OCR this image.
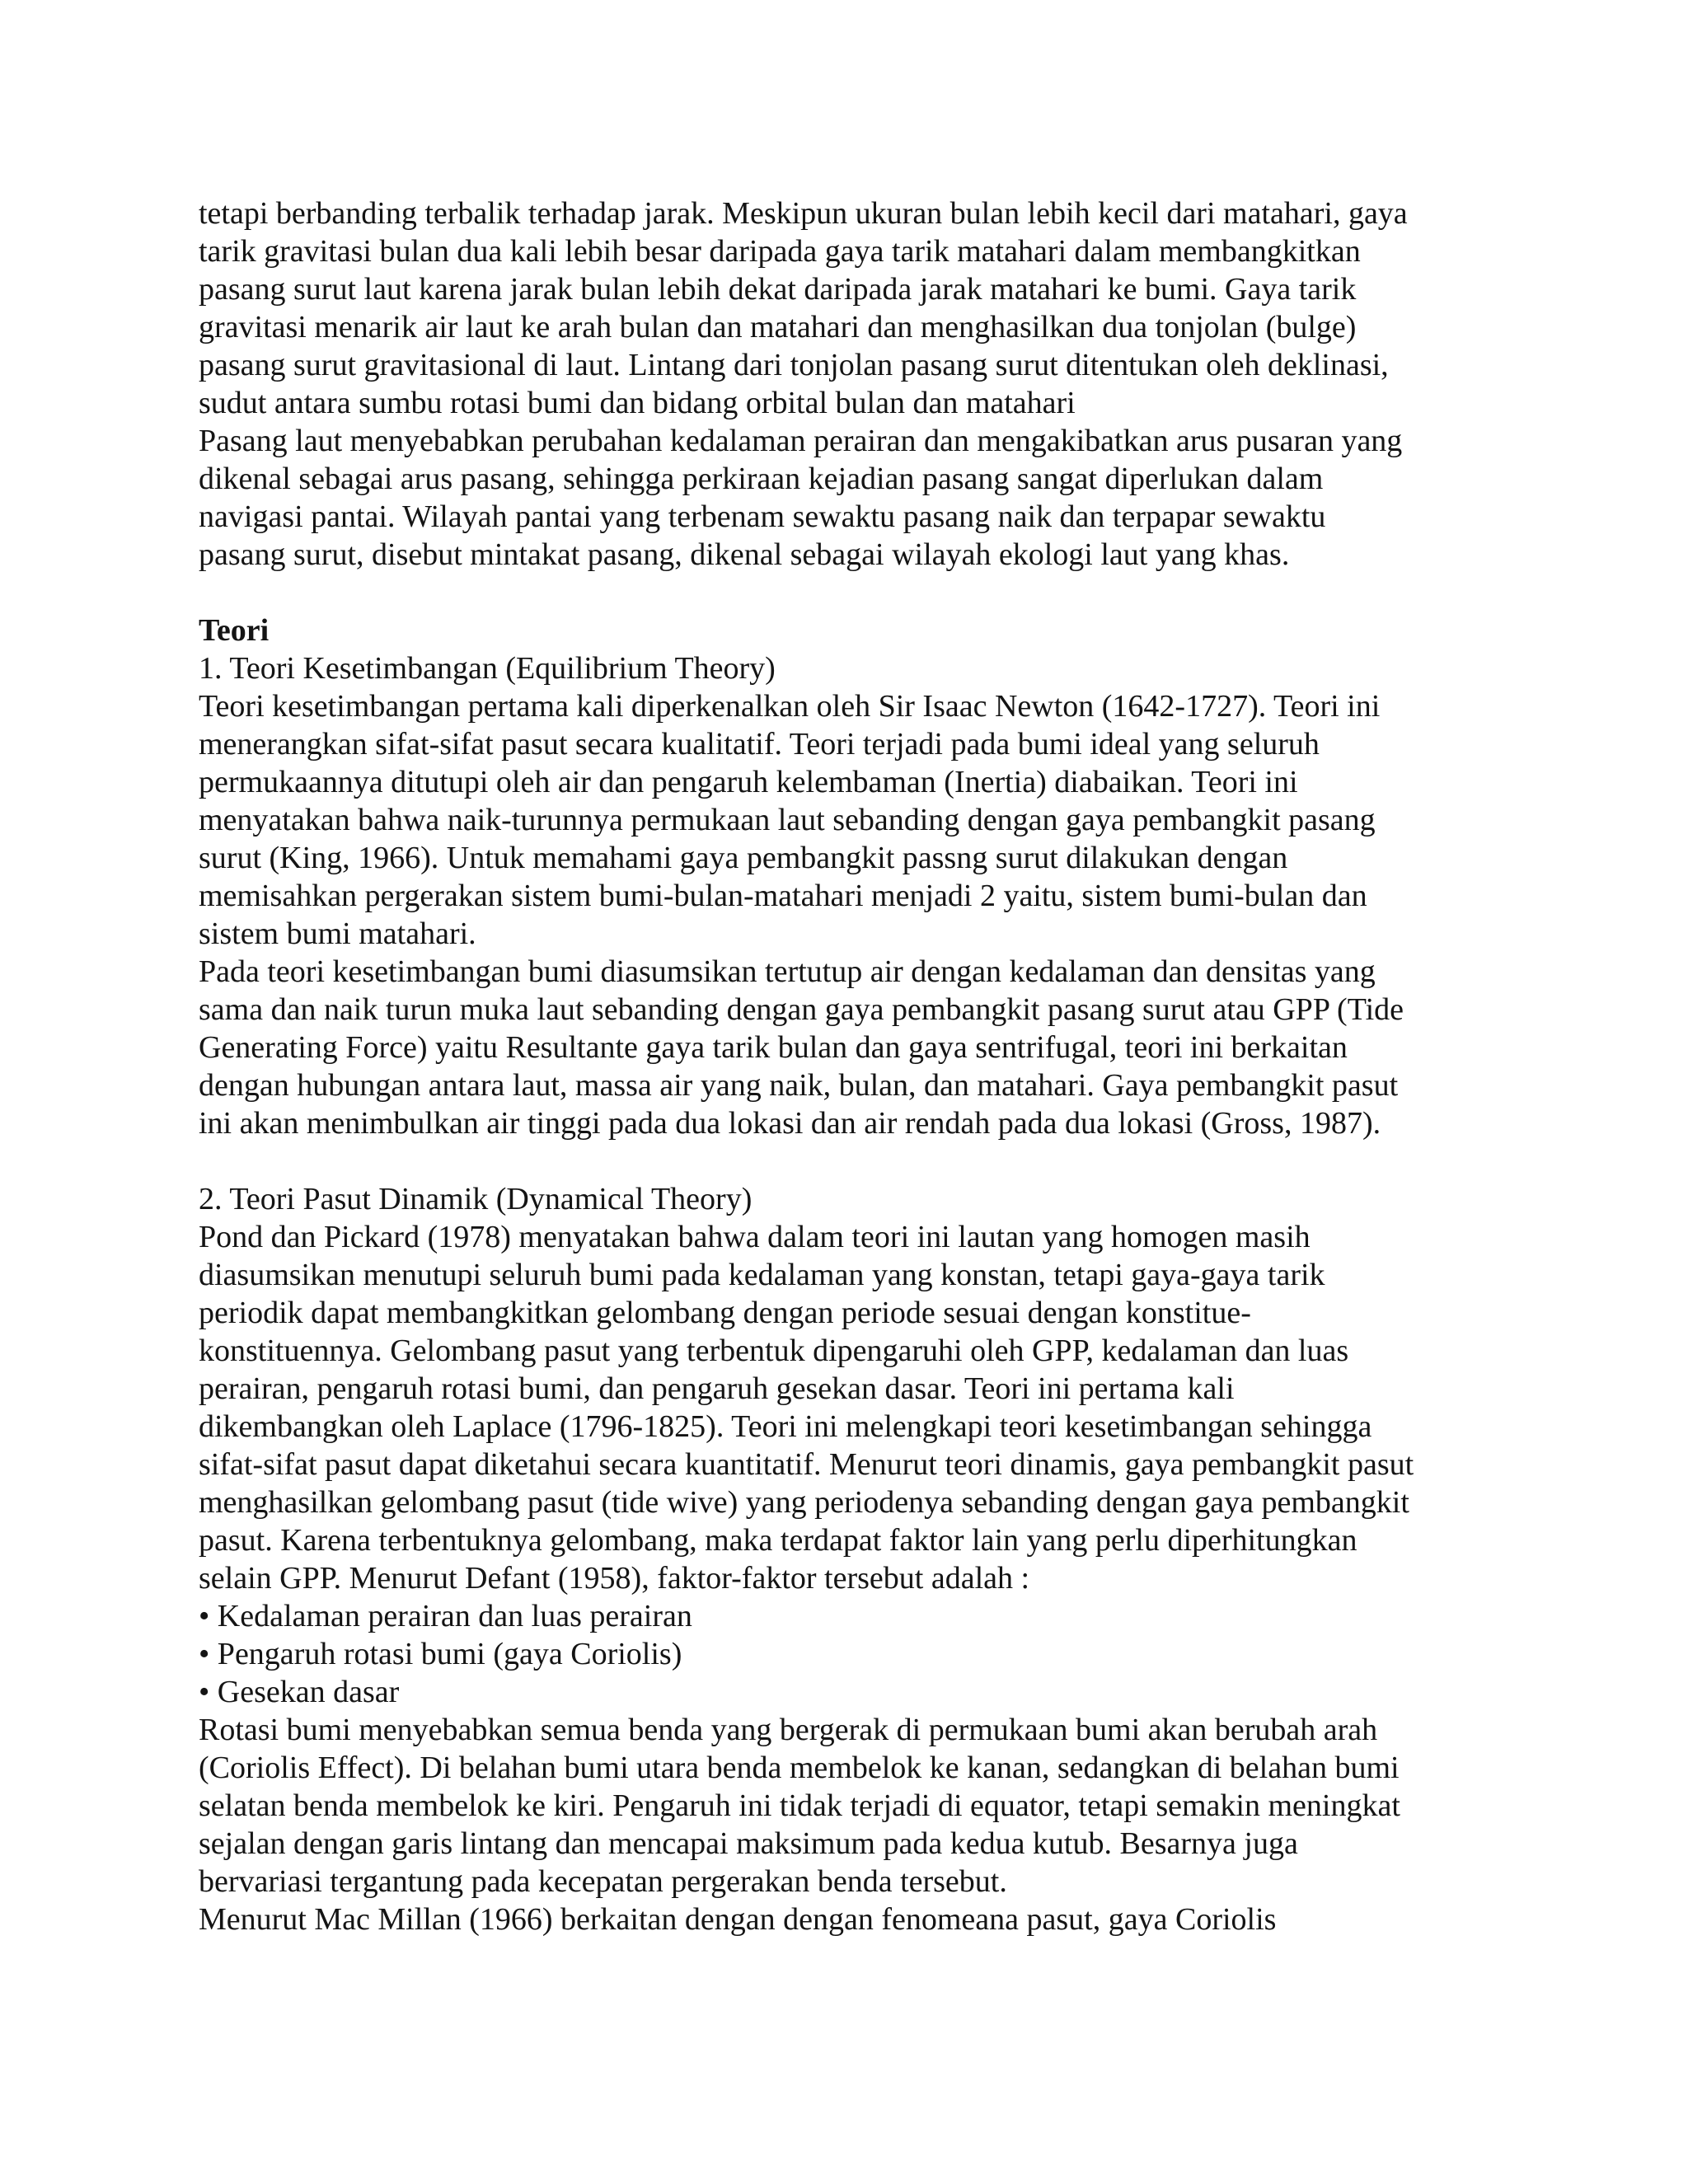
tetapi berbanding terbalik terhadap jarak. Meskipun ukuran bulan lebih kecil dari matahari, gaya
tarik gravitasi bulan dua kali lebih besar daripada gaya tarik matahari dalam membangkitkan
pasang surut laut karena jarak bulan lebih dekat daripada jarak matahari ke bumi. Gaya tarik
gravitasi menarik air laut ke arah bulan dan matahari dan menghasilkan dua tonjolan (bulge)
pasang surut gravitasional di laut. Lintang dari tonjolan pasang surut ditentukan oleh deklinasi,
sudut antara sumbu rotasi bumi dan bidang orbital bulan dan matahari
Pasang laut menyebabkan perubahan kedalaman perairan dan mengakibatkan arus pusaran yang
dikenal sebagai arus pasang, sehingga perkiraan kejadian pasang sangat diperlukan dalam
navigasi pantai. Wilayah pantai yang terbenam sewaktu pasang naik dan terpapar sewaktu
pasang surut, disebut mintakat pasang, dikenal sebagai wilayah ekologi laut yang khas.
Teori
1. Teori Kesetimbangan (Equilibrium Theory)
Teori kesetimbangan pertama kali diperkenalkan oleh Sir Isaac Newton (1642-1727). Teori ini
menerangkan sifat-sifat pasut secara kualitatif. Teori terjadi pada bumi ideal yang seluruh
permukaannya ditutupi oleh air dan pengaruh kelembaman (Inertia) diabaikan. Teori ini
menyatakan bahwa naik-turunnya permukaan laut sebanding dengan gaya pembangkit pasang
surut (King, 1966). Untuk memahami gaya pembangkit passng surut dilakukan dengan
memisahkan pergerakan sistem bumi-bulan-matahari menjadi 2 yaitu, sistem bumi-bulan dan
sistem bumi matahari.
Pada teori kesetimbangan bumi diasumsikan tertutup air dengan kedalaman dan densitas yang
sama dan naik turun muka laut sebanding dengan gaya pembangkit pasang surut atau GPP (Tide
Generating Force) yaitu Resultante gaya tarik bulan dan gaya sentrifugal, teori ini berkaitan
dengan hubungan antara laut, massa air yang naik, bulan, dan matahari. Gaya pembangkit pasut
ini akan menimbulkan air tinggi pada dua lokasi dan air rendah pada dua lokasi (Gross, 1987).
2. Teori Pasut Dinamik (Dynamical Theory)
Pond dan Pickard (1978) menyatakan bahwa dalam teori ini lautan yang homogen masih
diasumsikan menutupi seluruh bumi pada kedalaman yang konstan, tetapi gaya-gaya tarik
periodik dapat membangkitkan gelombang dengan periode sesuai dengan konstitue-
konstituennya. Gelombang pasut yang terbentuk dipengaruhi oleh GPP, kedalaman dan luas
perairan, pengaruh rotasi bumi, dan pengaruh gesekan dasar. Teori ini pertama kali
dikembangkan oleh Laplace (1796-1825). Teori ini melengkapi teori kesetimbangan sehingga
sifat-sifat pasut dapat diketahui secara kuantitatif. Menurut teori dinamis, gaya pembangkit pasut
menghasilkan gelombang pasut (tide wive) yang periodenya sebanding dengan gaya pembangkit
pasut. Karena terbentuknya gelombang, maka terdapat faktor lain yang perlu diperhitungkan
selain GPP. Menurut Defant (1958), faktor-faktor tersebut adalah :
• Kedalaman perairan dan luas perairan
• Pengaruh rotasi bumi (gaya Coriolis)
• Gesekan dasar
Rotasi bumi menyebabkan semua benda yang bergerak di permukaan bumi akan berubah arah
(Coriolis Effect). Di belahan bumi utara benda membelok ke kanan, sedangkan di belahan bumi
selatan benda membelok ke kiri. Pengaruh ini tidak terjadi di equator, tetapi semakin meningkat
sejalan dengan garis lintang dan mencapai maksimum pada kedua kutub. Besarnya juga
bervariasi tergantung pada kecepatan pergerakan benda tersebut.
Menurut Mac Millan (1966) berkaitan dengan dengan fenomeana pasut, gaya Coriolis
